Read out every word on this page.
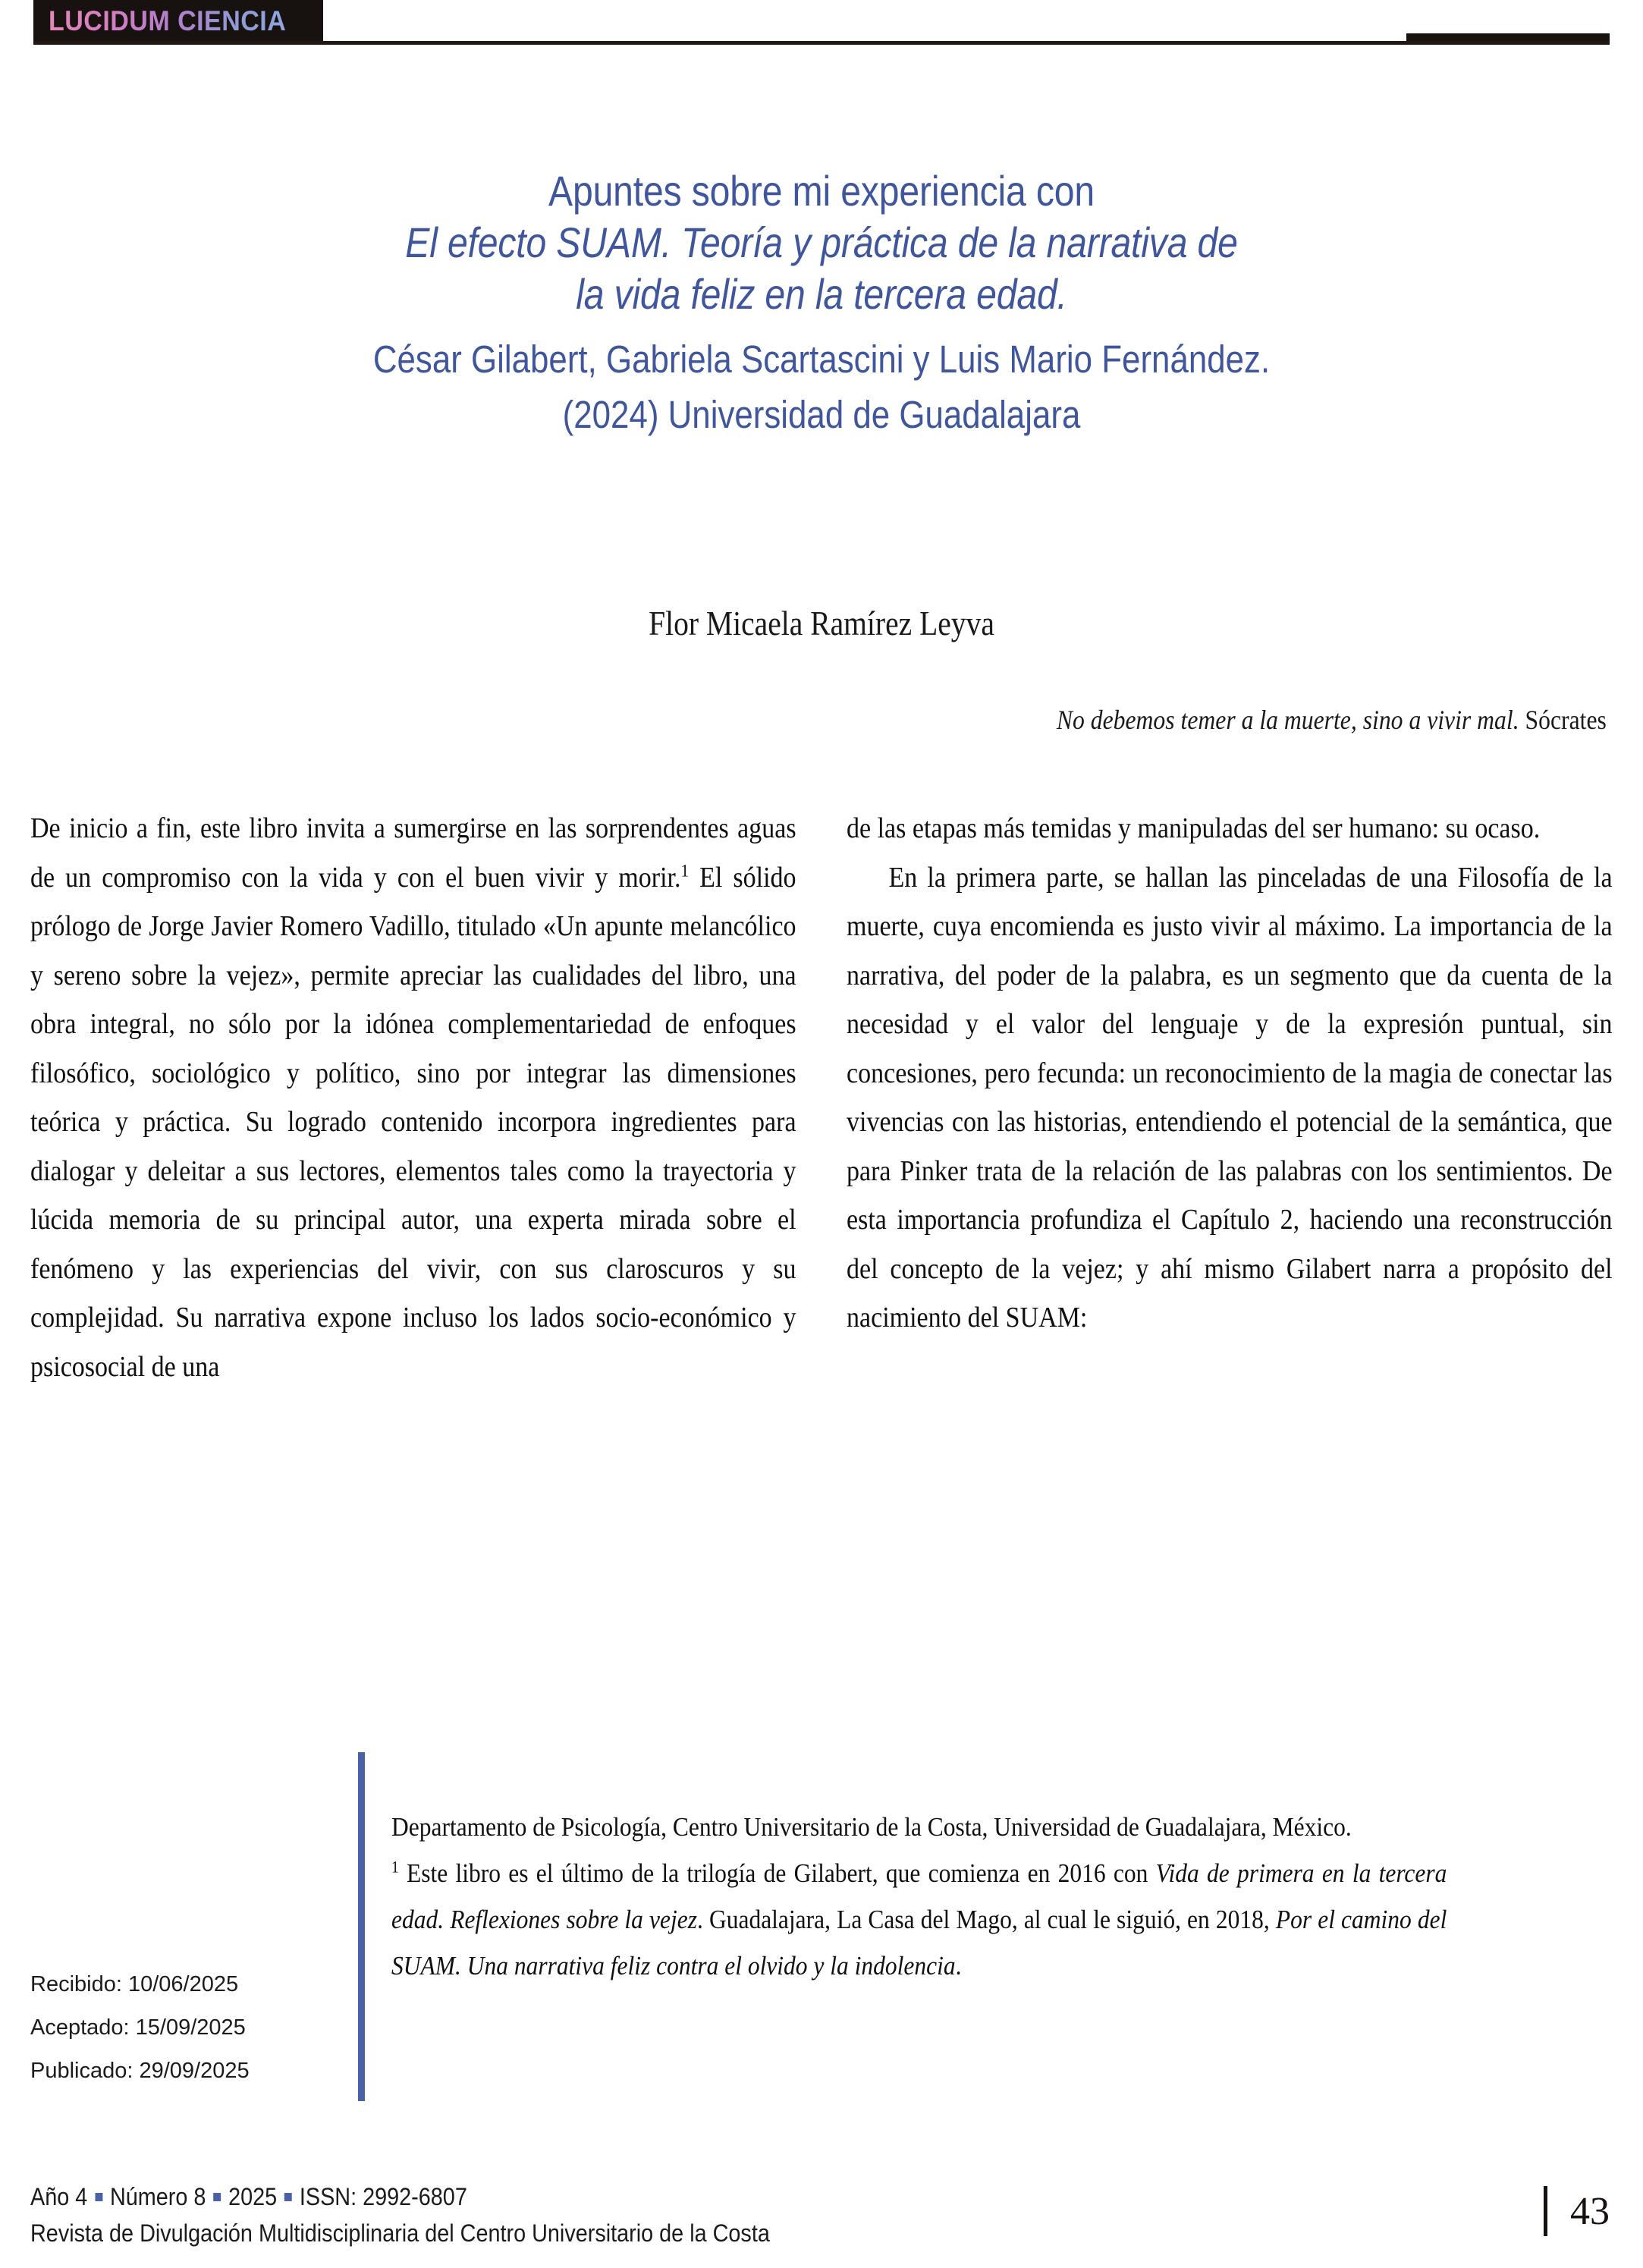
LUCIDUM CIENCIA
Apuntes sobre mi experiencia con
El efecto SUAM. Teoría y práctica de la narrativa de
la vida feliz en la tercera edad.
César Gilabert, Gabriela Scartascini y Luis Mario Fernández.
(2024) Universidad de Guadalajara
Flor Micaela Ramírez Leyva
No debemos temer a la muerte, sino a vivir mal. Sócrates

De inicio a fin, este libro invita a sumergirse en las sorprendentes aguas de un compromiso con la vida y con el buen vivir y morir.$^1$ El sólido prólogo de Jorge Javier Romero Vadillo, titulado «Un apunte melancólico y sereno sobre la vejez», permite apreciar las cualidades del libro, una obra integral, no sólo por la idónea complementariedad de enfoques filosófico, sociológico y político, sino por integrar las dimensiones teórica y práctica. Su logrado contenido incorpora ingredientes para dialogar y deleitar a sus lectores, elementos tales como la trayectoria y lúcida memoria de su principal autor, una experta mirada sobre el fenómeno y las experiencias del vivir, con sus claroscuros y su complejidad. Su narrativa expone incluso los lados socio-económico y psicosocial de una

de las etapas más temidas y manipuladas del ser humano: su ocaso.

En la primera parte, se hallan las pinceladas de una Filosofía de la muerte, cuya encomienda es justo vivir al máximo. La importancia de la narrativa, del poder de la palabra, es un segmento que da cuenta de la necesidad y el valor del lenguaje y de la expresión puntual, sin concesiones, pero fecunda: un reconocimiento de la magia de conectar las vivencias con las historias, entendiendo el potencial de la semántica, que para Pinker trata de la relación de las palabras con los sentimientos. De esta importancia profundiza el Capítulo 2, haciendo una reconstrucción del concepto de la vejez; y ahí mismo Gilabert narra a propósito del nacimiento del SUAM:

Departamento de Psicología, Centro Universitario de la Costa, Universidad de Guadalajara, México.

$^1$ Este libro es el último de la trilogía de Gilabert, que comienza en 2016 con Vida de primera en la tercera edad. Reflexiones sobre la vejez. Guadalajara, La Casa del Mago, al cual le siguió, en 2018, Por el camino del SUAM. Una narrativa feliz contra el olvido y la indolencia.

Recibido: 10/06/2025
Aceptado: 15/09/2025
Publicado: 29/09/2025
Año 4 Número 8 2025 ISSN: 2992-6807
Revista de Divulgación Multidisciplinaria del Centro Universitario de la Costa
43
